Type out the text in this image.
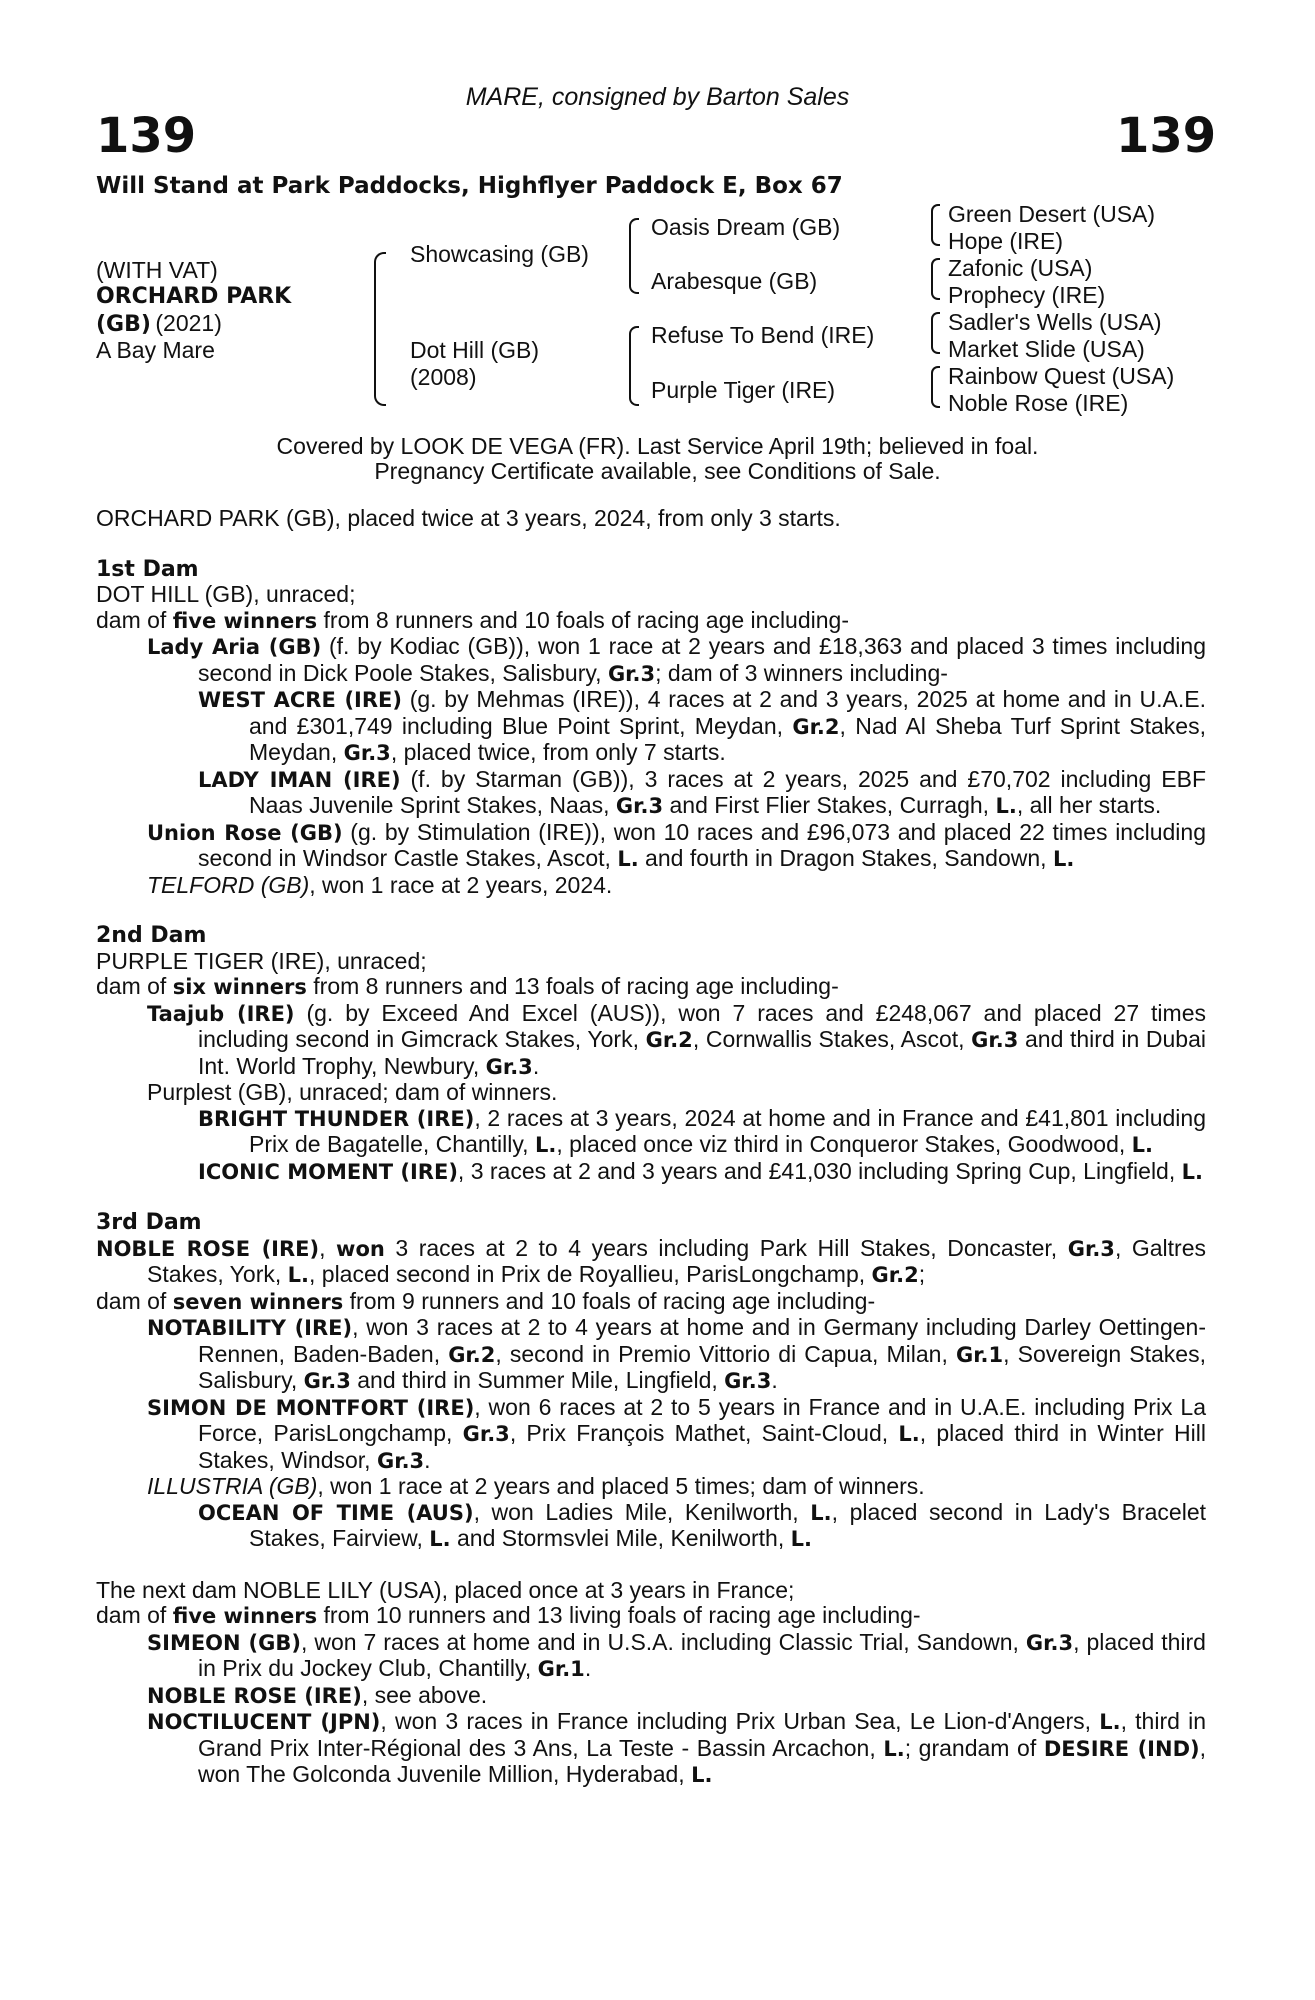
MARE, consigned by Barton Sales
139	139
Will Stand at Park Paddocks, Highflyer Paddock E, Box 67
(WITH VAT)
ORCHARD PARK
(GB) (2021)
A Bay Mare
Showcasing (GB)
Dot Hill (GB)
(2008)
Oasis Dream (GB)
Arabesque (GB)
Refuse To Bend (IRE)
Purple Tiger (IRE)
Green Desert (USA)
Hope (IRE)
Zafonic (USA)
Prophecy (IRE)
Sadler's Wells (USA)
Market Slide (USA)
Rainbow Quest (USA)
Noble Rose (IRE)
Covered by LOOK DE VEGA (FR). Last Service April 19th; believed in foal.
Pregnancy Certificate available, see Conditions of Sale.

ORCHARD PARK (GB), placed twice at 3 years, 2024, from only 3 starts.

1st Dam

DOT HILL (GB), unraced;

dam of five winners from 8 runners and 10 foals of racing age including-

Lady Aria (GB) (f. by Kodiac (GB)), won 1 race at 2 years and £18,363 and placed 3 times including second in Dick Poole Stakes, Salisbury, Gr.3; dam of 3 winners including-

WEST ACRE (IRE) (g. by Mehmas (IRE)), 4 races at 2 and 3 years, 2025 at home and in U.A.E. and £301,749 including Blue Point Sprint, Meydan, Gr.2, Nad Al Sheba Turf Sprint Stakes, Meydan, Gr.3, placed twice, from only 7 starts.

LADY IMAN (IRE) (f. by Starman (GB)), 3 races at 2 years, 2025 and £70,702 including EBF Naas Juvenile Sprint Stakes, Naas, Gr.3 and First Flier Stakes, Curragh, L., all her starts.

Union Rose (GB) (g. by Stimulation (IRE)), won 10 races and £96,073 and placed 22 times including second in Windsor Castle Stakes, Ascot, L. and fourth in Dragon Stakes, Sandown, L.

TELFORD (GB), won 1 race at 2 years, 2024.

2nd Dam

PURPLE TIGER (IRE), unraced;

dam of six winners from 8 runners and 13 foals of racing age including-

Taajub (IRE) (g. by Exceed And Excel (AUS)), won 7 races and £248,067 and placed 27 times including second in Gimcrack Stakes, York, Gr.2, Cornwallis Stakes, Ascot, Gr.3 and third in Dubai Int. World Trophy, Newbury, Gr.3.

Purplest (GB), unraced; dam of winners.

BRIGHT THUNDER (IRE), 2 races at 3 years, 2024 at home and in France and £41,801 including Prix de Bagatelle, Chantilly, L., placed once viz third in Conqueror Stakes, Goodwood, L.

ICONIC MOMENT (IRE), 3 races at 2 and 3 years and £41,030 including Spring Cup, Lingfield, L.

3rd Dam

NOBLE ROSE (IRE), won 3 races at 2 to 4 years including Park Hill Stakes, Doncaster, Gr.3, Galtres Stakes, York, L., placed second in Prix de Royallieu, ParisLongchamp, Gr.2;

dam of seven winners from 9 runners and 10 foals of racing age including-

NOTABILITY (IRE), won 3 races at 2 to 4 years at home and in Germany including Darley Oettingen-Rennen, Baden-Baden, Gr.2, second in Premio Vittorio di Capua, Milan, Gr.1, Sovereign Stakes, Salisbury, Gr.3 and third in Summer Mile, Lingfield, Gr.3.

SIMON DE MONTFORT (IRE), won 6 races at 2 to 5 years in France and in U.A.E. including Prix La Force, ParisLongchamp, Gr.3, Prix François Mathet, Saint-Cloud, L., placed third in Winter Hill Stakes, Windsor, Gr.3.

ILLUSTRIA (GB), won 1 race at 2 years and placed 5 times; dam of winners.

OCEAN OF TIME (AUS), won Ladies Mile, Kenilworth, L., placed second in Lady's Bracelet Stakes, Fairview, L. and Stormsvlei Mile, Kenilworth, L.

The next dam NOBLE LILY (USA), placed once at 3 years in France;

dam of five winners from 10 runners and 13 living foals of racing age including-

SIMEON (GB), won 7 races at home and in U.S.A. including Classic Trial, Sandown, Gr.3, placed third in Prix du Jockey Club, Chantilly, Gr.1.

NOBLE ROSE (IRE), see above.

NOCTILUCENT (JPN), won 3 races in France including Prix Urban Sea, Le Lion-d'Angers, L., third in Grand Prix Inter-Régional des 3 Ans, La Teste - Bassin Arcachon, L.; grandam of DESIRE (IND), won The Golconda Juvenile Million, Hyderabad, L.
